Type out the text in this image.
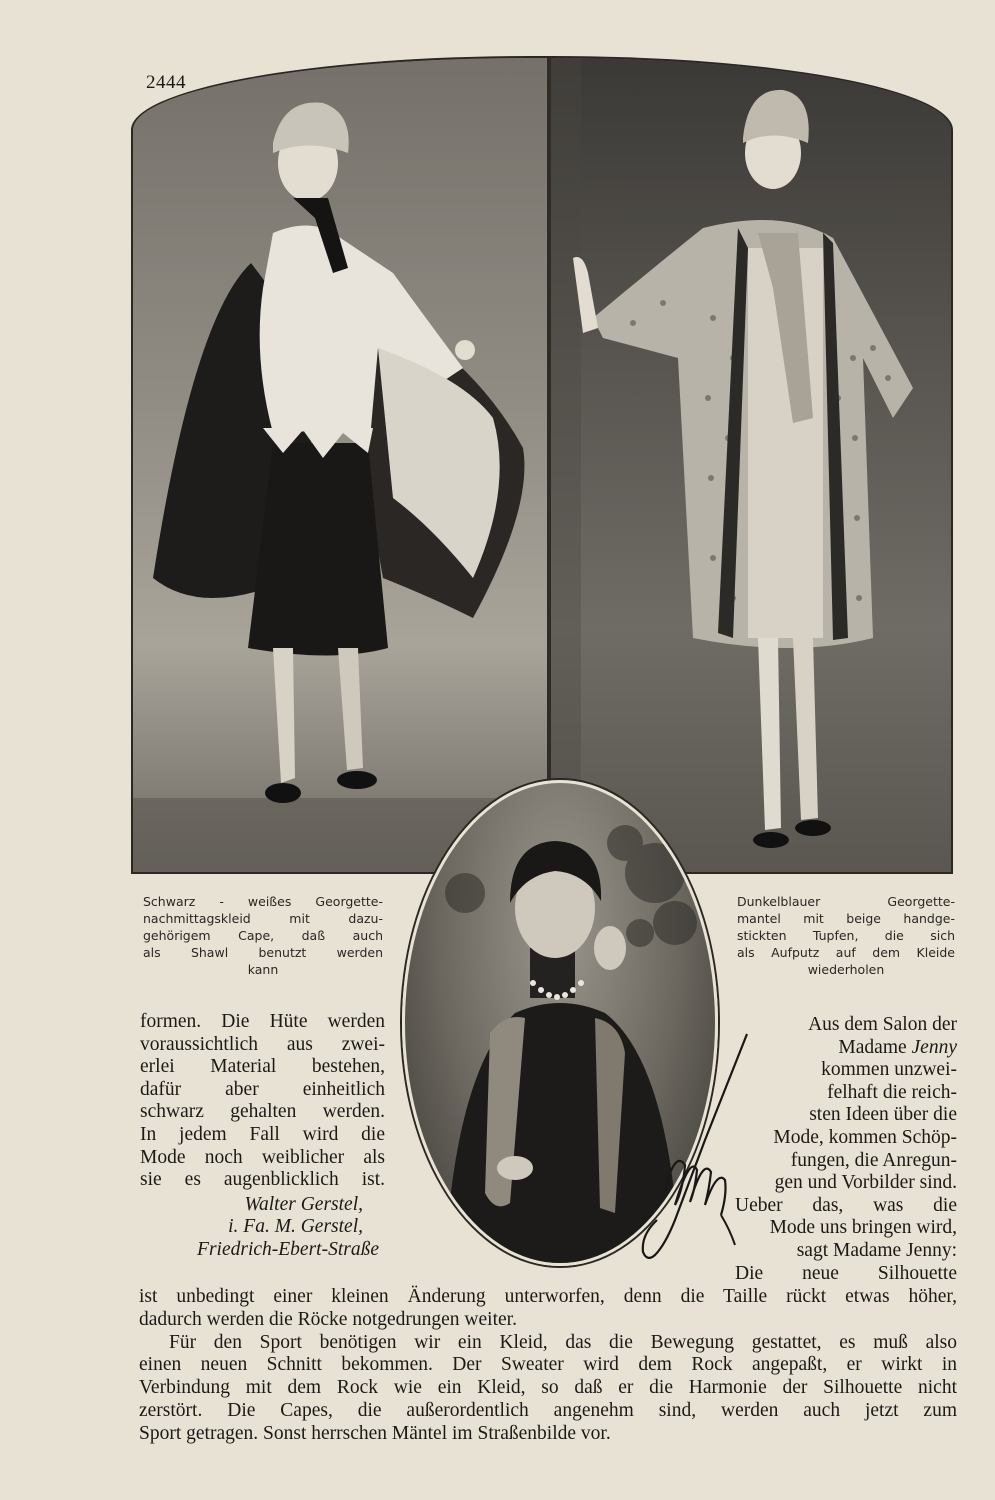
Schwarz - weißes Georgette-
nachmittagskleid mit dazu-
gehörigem Cape, daß auch
als Shawl benutzt werden
kann
Dunkelblauer Georgette-
mantel mit beige handge-
stickten Tupfen, die sich
als Aufputz auf dem Kleide
wiederholen
formen. Die Hüte werden
voraussichtlich aus zwei-
erlei Material bestehen,
dafür aber einheitlich
schwarz gehalten werden.
In jedem Fall wird die
Mode noch weiblicher als
sie es augenblicklich ist.
Walter Gerstel,
i. Fa. M. Gerstel,
Friedrich-Ebert-Straße
Aus dem Salon der
Madame Jenny
kommen unzwei-
felhaft die reich-
sten Ideen über die
Mode, kommen Schöp-
fungen, die Anregun-
gen und Vorbilder sind.
Ueber das, was die
Mode uns bringen wird,
sagt Madame Jenny:
Die neue Silhouette
ist unbedingt einer kleinen Änderung unterworfen, denn die Taille rückt etwas höher,
dadurch werden die Röcke notgedrungen weiter.
Für den Sport benötigen wir ein Kleid, das die Bewegung gestattet, es muß also
einen neuen Schnitt bekommen. Der Sweater wird dem Rock angepaßt, er wirkt in
Verbindung mit dem Rock wie ein Kleid, so daß er die Harmonie der Silhouette nicht
zerstört. Die Capes, die außerordentlich angenehm sind, werden auch jetzt zum
Sport getragen. Sonst herrschen Mäntel im Straßenbilde vor.
